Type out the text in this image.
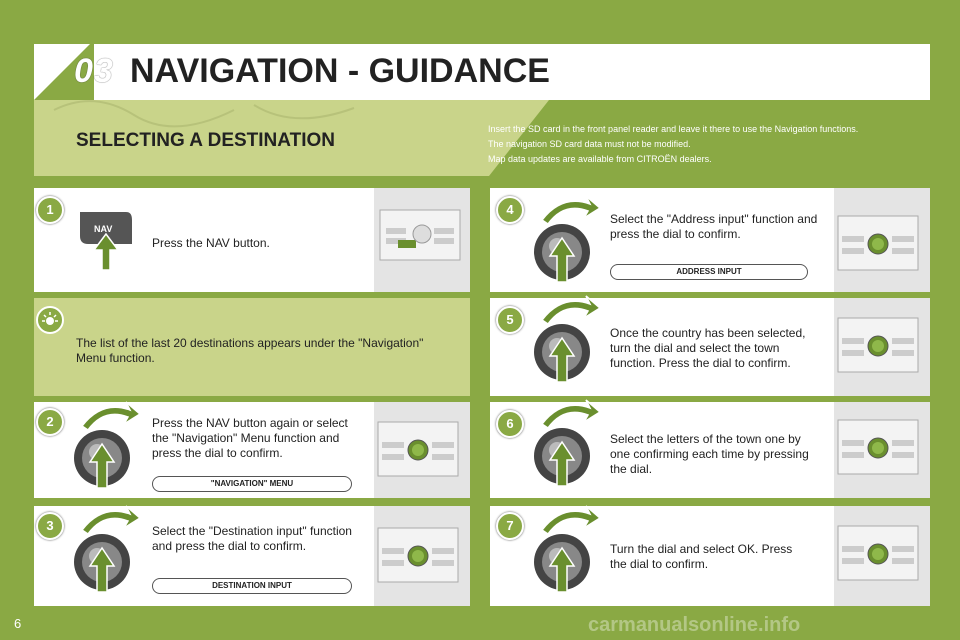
03 NAVIGATION - GUIDANCE
SELECTING A DESTINATION
Insert the SD card in the front panel reader and leave it there to use the Navigation functions.
The navigation SD card data must not be modified.
Map data updates are available from CITROËN dealers.
1
NAV
Press the NAV button.
The list of the last 20 destinations appears under the "Navigation" Menu function.
2	Press the NAV button again or select the "Navigation" Menu function and press the dial to confirm.
"NAVIGATION" MENU
3	Select the "Destination input" function and press the dial to confirm.
DESTINATION INPUT
4
Select the "Address input" function and press the dial to confirm.
ADDRESS INPUT
5
Once the country has been selected, turn the dial and select the town function. Press the dial to confirm.
6
Select the letters of the town one by one confirming each time by pressing the dial.
7
Turn the dial and select OK. Press the dial to confirm.
6	carmanualsonline.info
